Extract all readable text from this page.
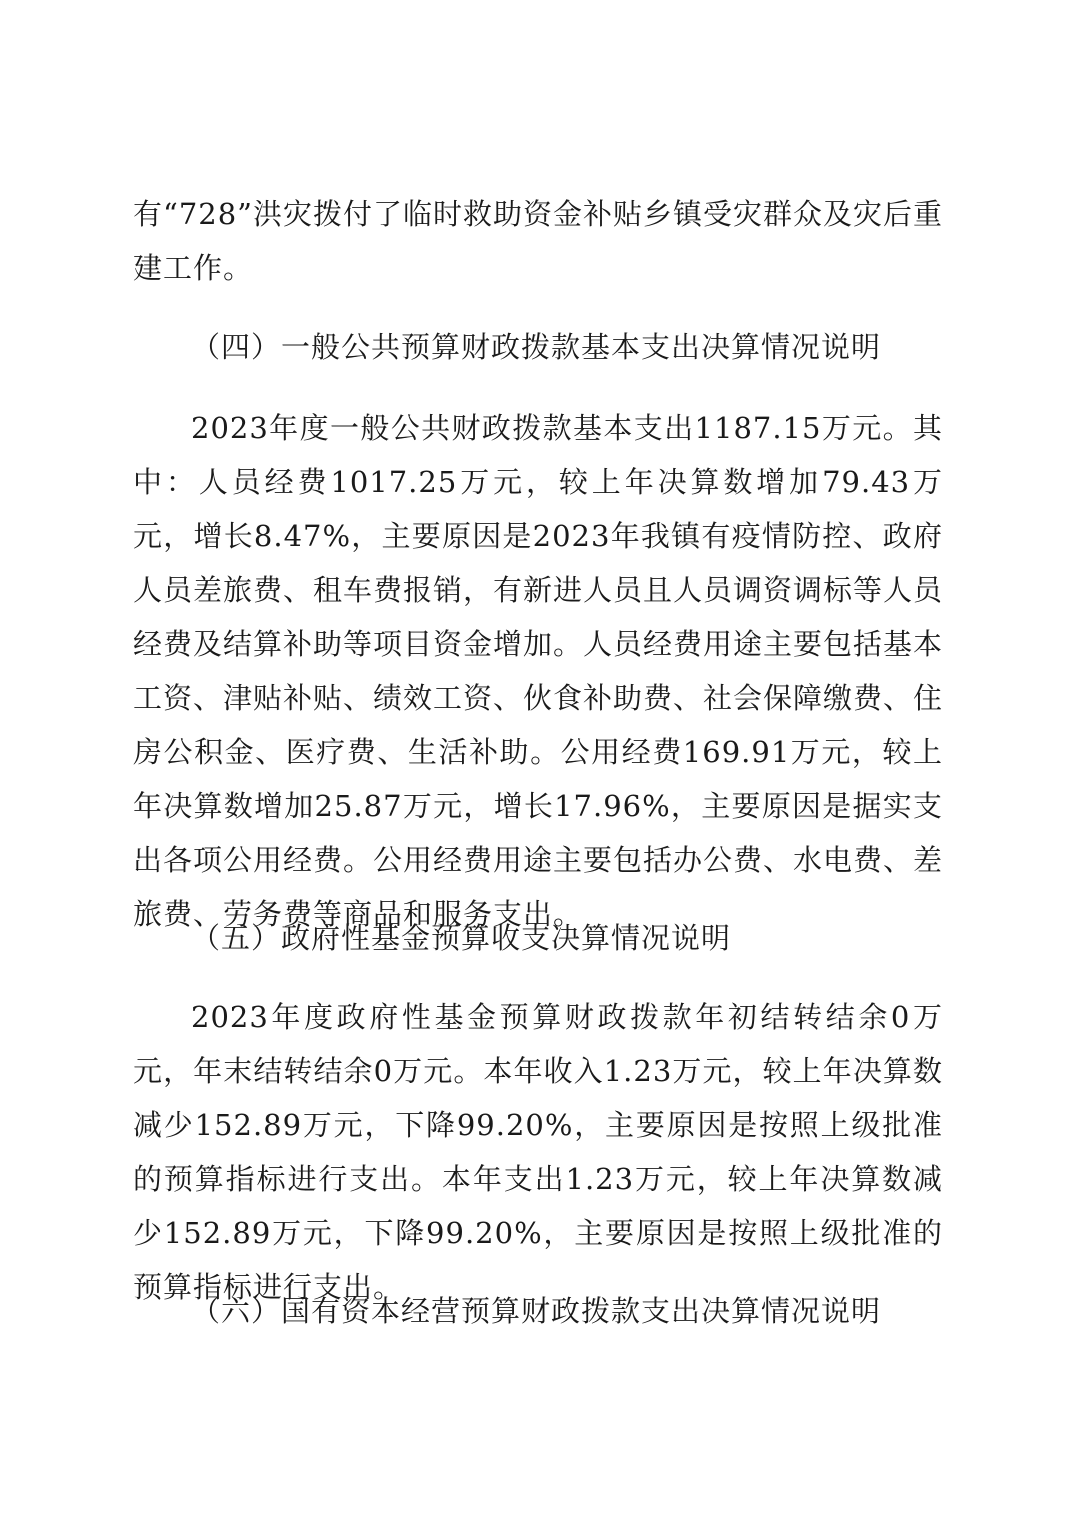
有“728”洪灾拨付了临时救助资金补贴乡镇受灾群众及灾后重建工作。

（四）一般公共预算财政拨款基本支出决算情况说明

2023年度一般公共财政拨款基本支出1187.15万元。其中：人员经费1017.25万元，较上年决算数增加79.43万元，增长8.47%，主要原因是2023年我镇有疫情防控、政府人员差旅费、租车费报销，有新进人员且人员调资调标等人员经费及结算补助等项目资金增加。人员经费用途主要包括基本工资、津贴补贴、绩效工资、伙食补助费、社会保障缴费、住房公积金、医疗费、生活补助。公用经费169.91万元，较上年决算数增加25.87万元，增长17.96%，主要原因是据实支出各项公用经费。公用经费用途主要包括办公费、水电费、差旅费、劳务费等商品和服务支出。

（五）政府性基金预算收支决算情况说明

2023年度政府性基金预算财政拨款年初结转结余0万元，年末结转结余0万元。本年收入1.23万元，较上年决算数减少152.89万元，下降99.20%，主要原因是按照上级批准的预算指标进行支出。本年支出1.23万元，较上年决算数减少152.89万元，下降99.20%，主要原因是按照上级批准的预算指标进行支出。

（六）国有资本经营预算财政拨款支出决算情况说明
